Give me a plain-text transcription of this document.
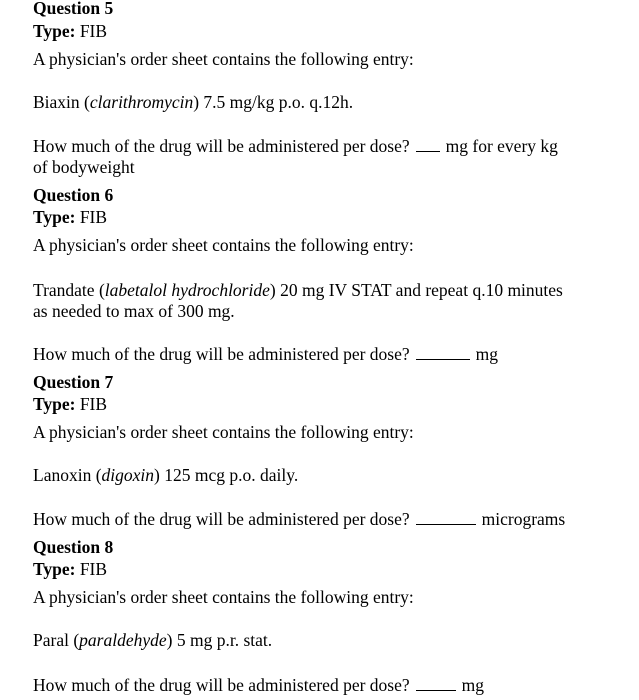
Question 5
Type: FIB
A physician's order sheet contains the following entry:
Biaxin (clarithromycin) 7.5 mg/kg p.o. q.12h.
How much of the drug will be administered per dose? mg for every kg
of bodyweight
Question 6
Type: FIB
A physician's order sheet contains the following entry:
Trandate (labetalol hydrochloride) 20 mg IV STAT and repeat q.10 minutes
as needed to max of 300 mg.
How much of the drug will be administered per dose?	mg
Question 7
Type: FIB
A physician's order sheet contains the following entry:
Lanoxin (digoxin) 125 mcg p.o. daily.
How much of the drug will be administered per dose?	micrograms
Question 8
Type: FIB
A physician's order sheet contains the following entry:
Paral (paraldehyde) 5 mg p.r. stat.
How much of the drug will be administered per dose?	mg
